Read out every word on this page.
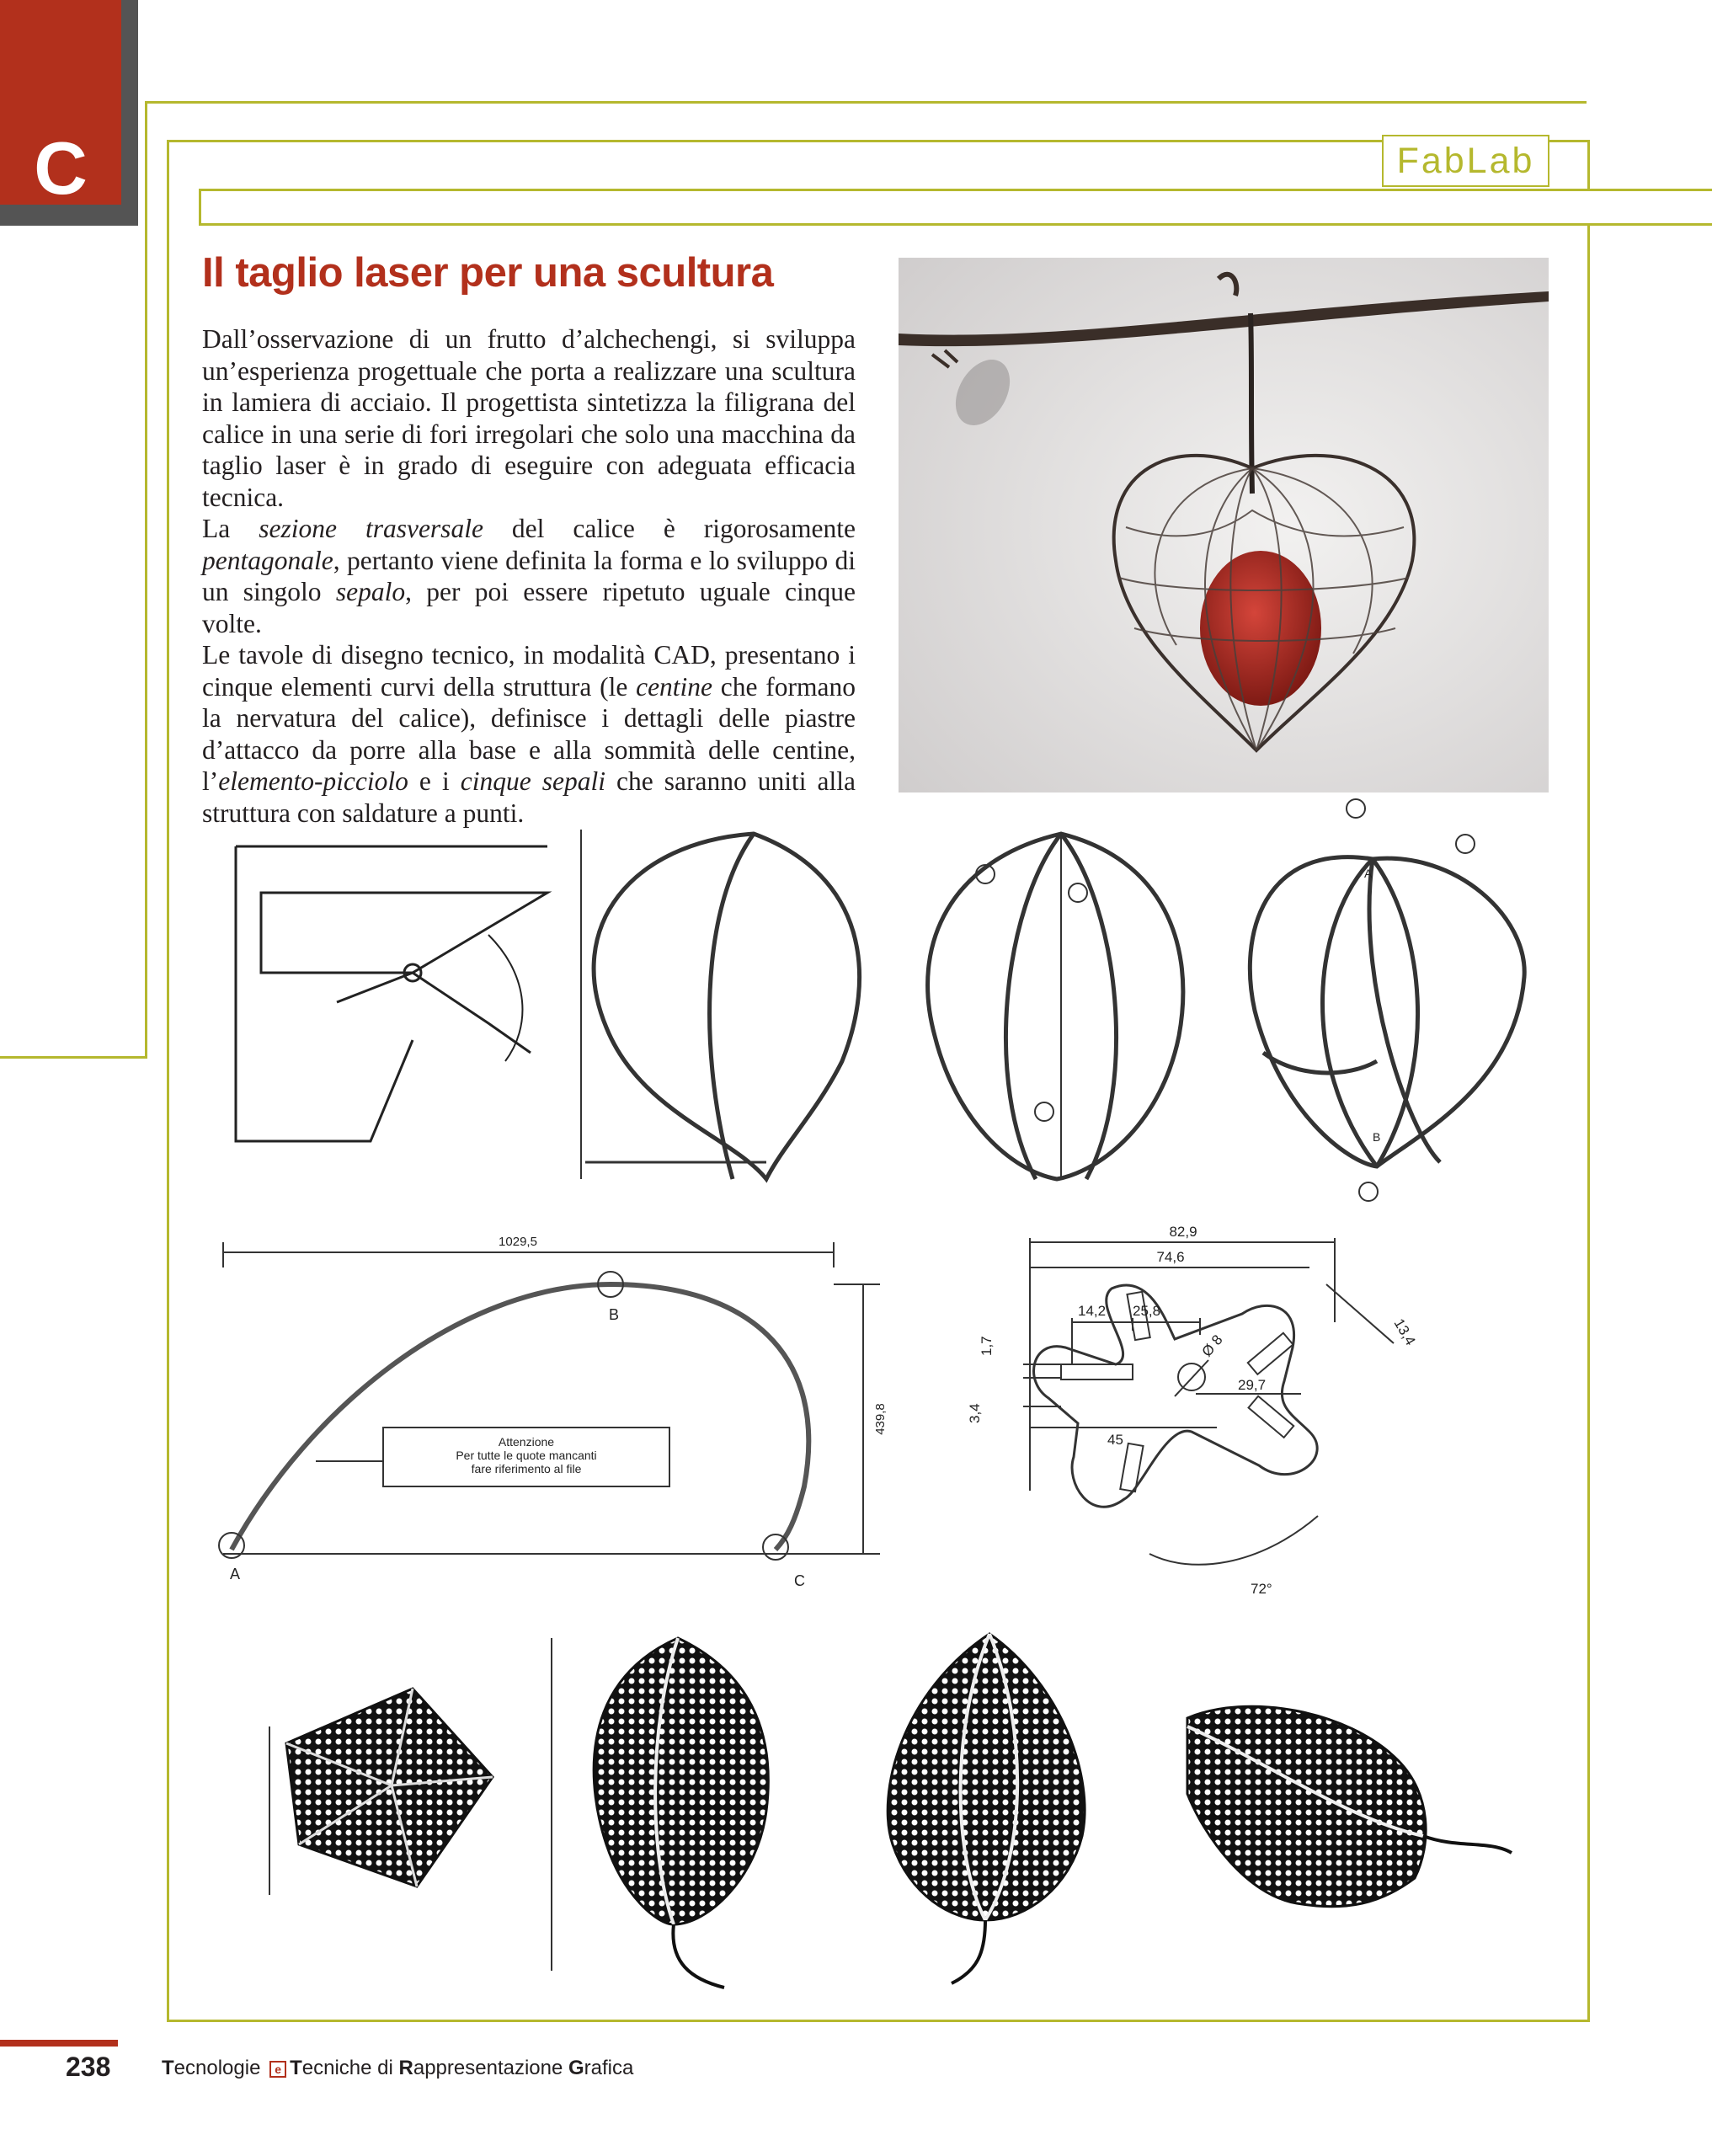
C	FabLab
Il taglio laser per una scultura

Dall’osservazione di un frutto d’alchechengi, si sviluppa un’esperienza progettuale che porta a realizzare una scultura in lamiera di acciaio. Il progettista sintetizza la filigrana del calice in una serie di fori irregolari che solo una macchina da taglio laser è in grado di eseguire con adeguata efficacia tecnica.

La sezione trasversale del calice è rigorosamente pentagonale, pertanto viene definita la forma e lo sviluppo di un singolo sepalo, per poi essere ripetuto uguale cinque volte.

Le tavole di disegno tecnico, in modalità CAD, presentano i cinque elementi curvi della struttura (le centine che formano la nervatura del calice), definisce i dettagli delle piastre d’attacco da porre alla base e alla sommità delle centine, l’elemento-picciolo e i cinque sepali che saranno uniti alla struttura con saldature a punti.

A
B
1029,5
439,8
A
B
C
Attenzione
Per tutte le quote mancanti
fare riferimento al file
82,9
74,6
13,4
14,2 25,8
Ø 8
29,7
45
1,7
3,4
72°
238	Tecnologie e Tecniche di Rappresentazione Grafica
